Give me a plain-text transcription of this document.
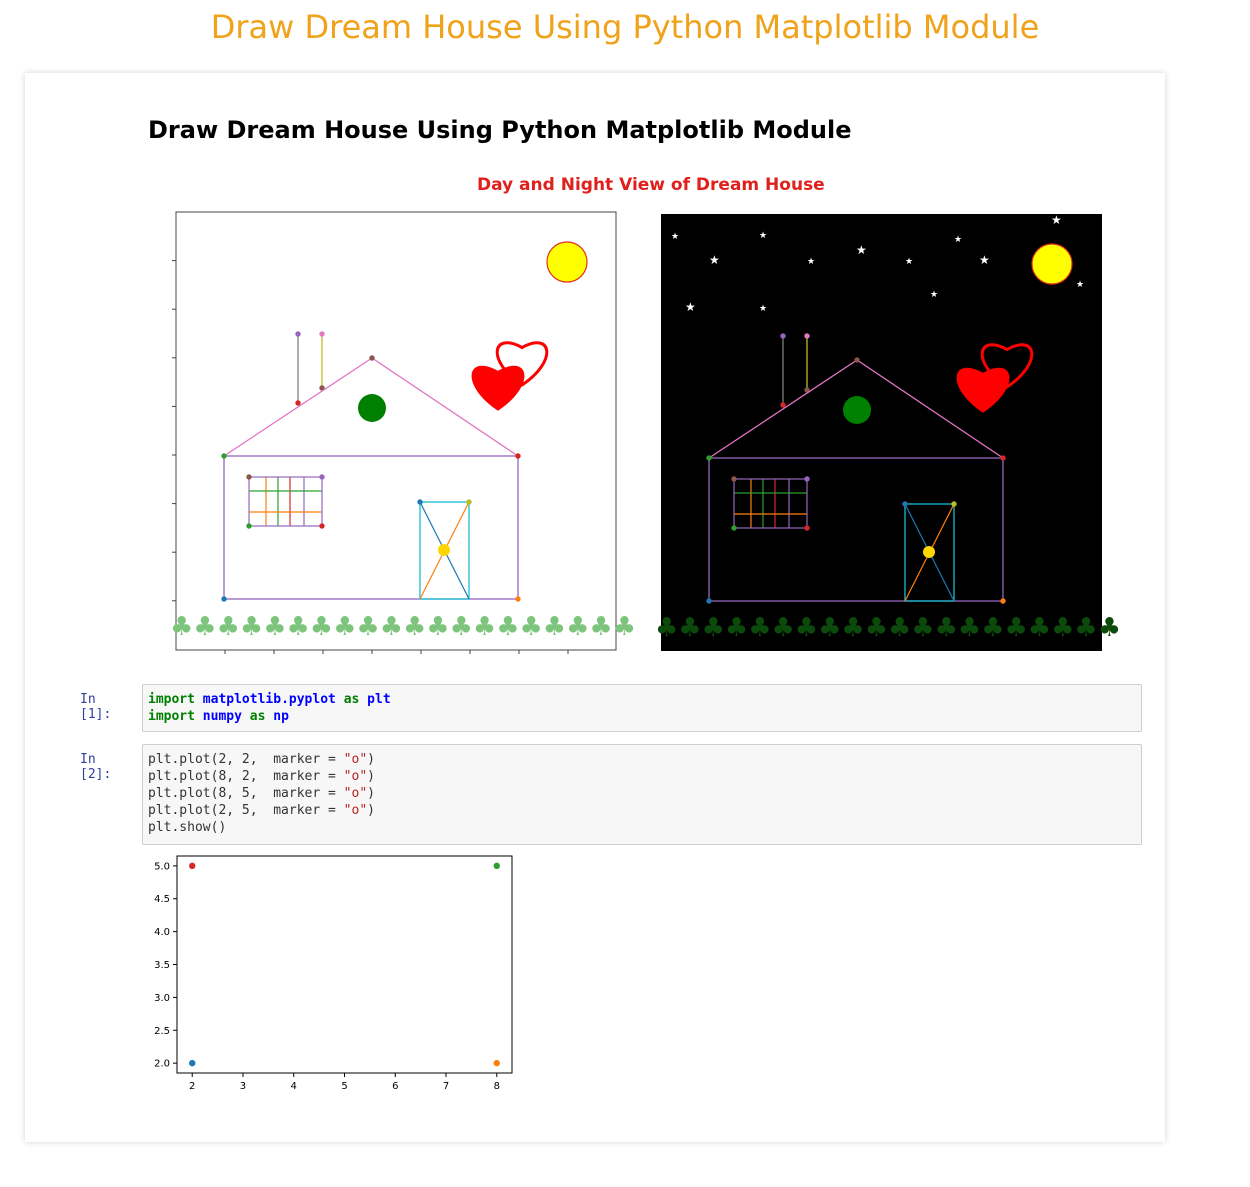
Draw Dream House Using Python Matplotlib Module
Draw Dream House Using Python Matplotlib Module
Day and Night View of Dream House
♣ ♣ ♣ ♣ ♣ ♣ ♣ ♣ ♣ ♣ ♣ ♣ ♣ ♣ ♣ ♣ ♣ ♣ ♣ ♣
★	★
★	★
★
★
★
★
★
★
★	★
★
♣ ♣ ♣ ♣ ♣ ♣ ♣ ♣ ♣ ♣ ♣ ♣ ♣ ♣ ♣ ♣ ♣ ♣ ♣ ♣
In [1]:
import matplotlib.pyplot as plt
import numpy as np
In [2]:
plt.plot(2, 2,  marker = "o")
plt.plot(8, 2,  marker = "o")
plt.plot(8, 5,  marker = "o")
plt.plot(2, 5,  marker = "o")
plt.show()
2	3	4	5	6	7	8
2.0
2.5
3.0
3.5
4.0
4.5
5.0
